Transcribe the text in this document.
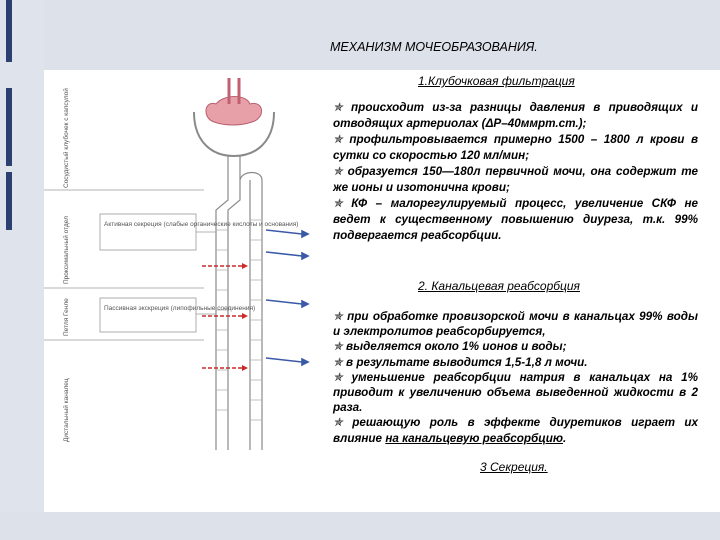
МЕХАНИЗМ МОЧЕОБРАЗОВАНИЯ.
Активная секреция (слабые органические кислоты и основания)
Пассивная экскреция (липофильные соединения)
Сосудистый клубочек с капсулой
Проксимальный отдел
Петля Генле
Дистальный каналец
1.Клубочковая фильтрация
✯ происходит из-за разницы давления в приводящих и отводящих артериолах (ΔР–40ммрт.ст.);
✯ профильтровывается примерно 1500 – 1800 л крови в сутки со скоростью 120 мл/мин;
✯ образуется 150—180л первичной мочи, она содержит те же ионы и изотонична крови;
✯ КФ – малорегулируемый процесс, увеличение СКФ не ведет к существенному повышению диуреза, т.к. 99% подвергается реабсорбции.
2. Канальцевая реабсорбция
✯ при обработке провизорской мочи в канальцах 99% воды и электролитов реабсорбируется,
✯ выделяется около 1% ионов и воды;
✯ в результате выводится 1,5-1,8 л мочи.
✯ уменьшение реабсорбции натрия в канальцах на 1% приводит к увеличению объема выведенной жидкости в 2 раза.
✯ решающую роль в эффекте диуретиков играет их влияние на канальцевую реабсорбцию.
3 Секреция.
